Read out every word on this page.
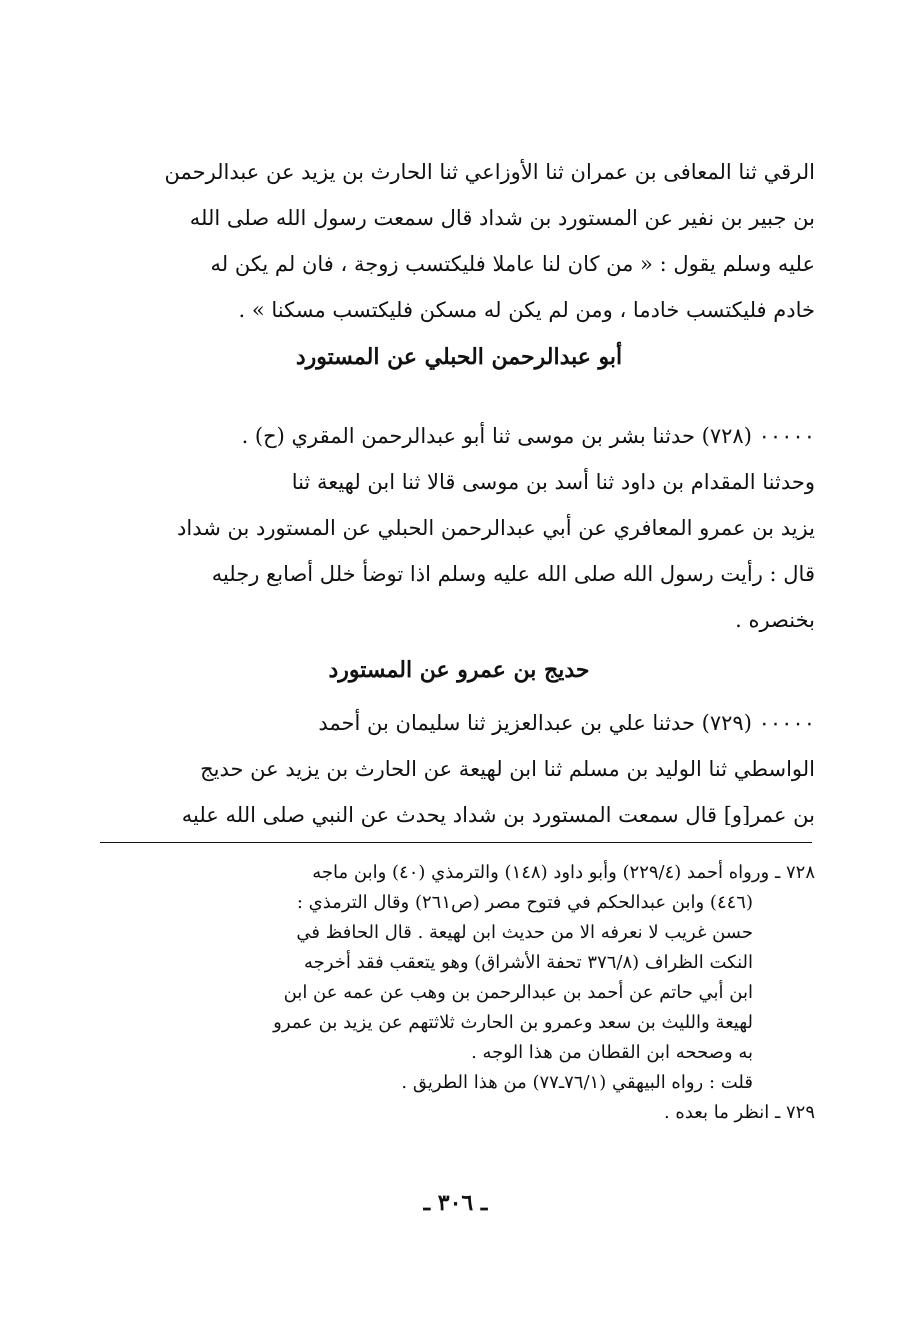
الرقي ثنا المعافى بن عمران ثنا الأوزاعي ثنا الحارث بن يزيد عن عبدالرحمن
بن جبير بن نفير عن المستورد بن شداد قال سمعت رسول الله صلى الله
عليه وسلم يقول : « من كان لنا عاملا فليكتسب زوجة ، فان لم يكن له
خادم فليكتسب خادما ، ومن لم يكن له مسكن فليكتسب مسكنا » .
أبو عبدالرحمن الحبلي عن المستورد
٠٠٠٠٠ (٧٢٨) حدثنا بشر بن موسى ثنا أبو عبدالرحمن المقري (ح) .
وحدثنا المقدام بن داود ثنا أسد بن موسى قالا ثنا ابن لهيعة ثنا
يزيد بن عمرو المعافري عن أبي عبدالرحمن الحبلي عن المستورد بن شداد
قال : رأيت رسول الله صلى الله عليه وسلم اذا توضأ خلل أصابع رجليه
بخنصره .
حديج بن عمرو عن المستورد
٠٠٠٠٠ (٧٢٩) حدثنا علي بن عبدالعزيز ثنا سليمان بن أحمد
الواسطي ثنا الوليد بن مسلم ثنا ابن لهيعة عن الحارث بن يزيد عن حديج
بن عمر[و] قال سمعت المستورد بن شداد يحدث عن النبي صلى الله عليه
٧٢٨ ـ ورواه أحمد (٢٢٩/٤) وأبو داود (١٤٨) والترمذي (٤٠) وابن ماجه
(٤٤٦) وابن عبدالحكم في فتوح مصر (ص٢٦١) وقال الترمذي :
حسن غريب لا نعرفه الا من حديث ابن لهيعة . قال الحافظ في
النكت الظراف (٣٧٦/٨ تحفة الأشراق) وهو يتعقب فقد أخرجه
ابن أبي حاتم عن أحمد بن عبدالرحمن بن وهب عن عمه عن ابن
لهيعة والليث بن سعد وعمرو بن الحارث ثلاثتهم عن يزيد بن عمرو
به وصححه ابن القطان من هذا الوجه .
قلت : رواه البيهقي (٧٦/١ـ٧٧) من هذا الطريق .
٧٢٩ ـ انظر ما بعده .
ـ ٣٠٦ ـ
